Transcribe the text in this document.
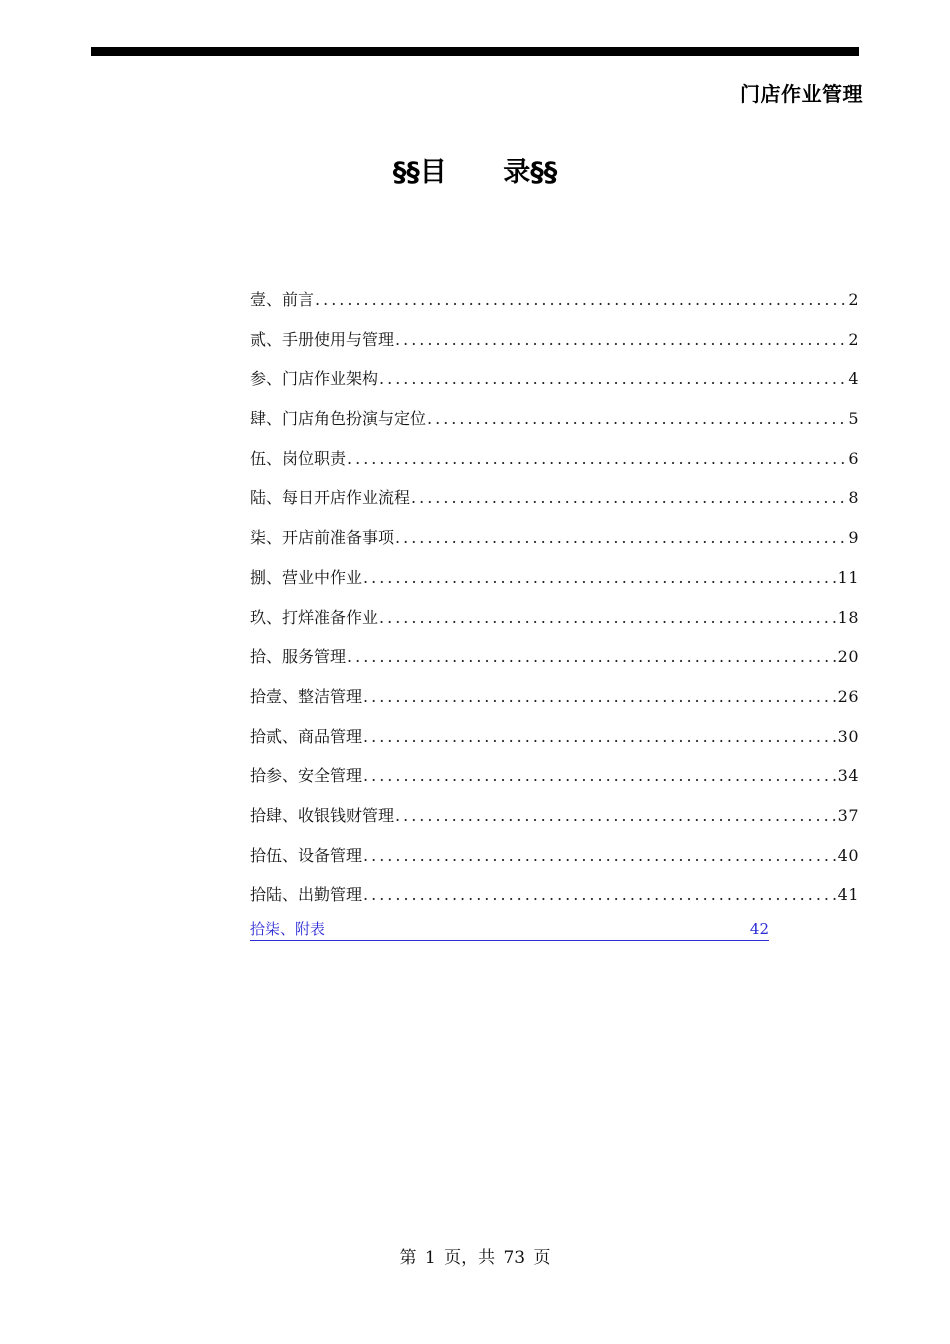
门店作业管理
§§目      录§§
壹、前言 .....	2
贰、手册使用与管理 .....	2
参、门店作业架构 .....	4
肆、门店角色扮演与定位 .....	5
伍、岗位职责 .....	6
陆、每日开店作业流程 .....	8
柒、开店前准备事项 .....	9
捌、营业中作业 .....	11
玖、打烊准备作业 .....	18
拾、服务管理 .....	20
拾壹、整洁管理 .....	26
拾贰、商品管理 .....	30
拾参、安全管理 .....	34
拾肆、收银钱财管理 .....	37
拾伍、设备管理 .....	40
拾陆、出勤管理 .....	41
拾柒、附表	42
第 1 页，共 73 页
